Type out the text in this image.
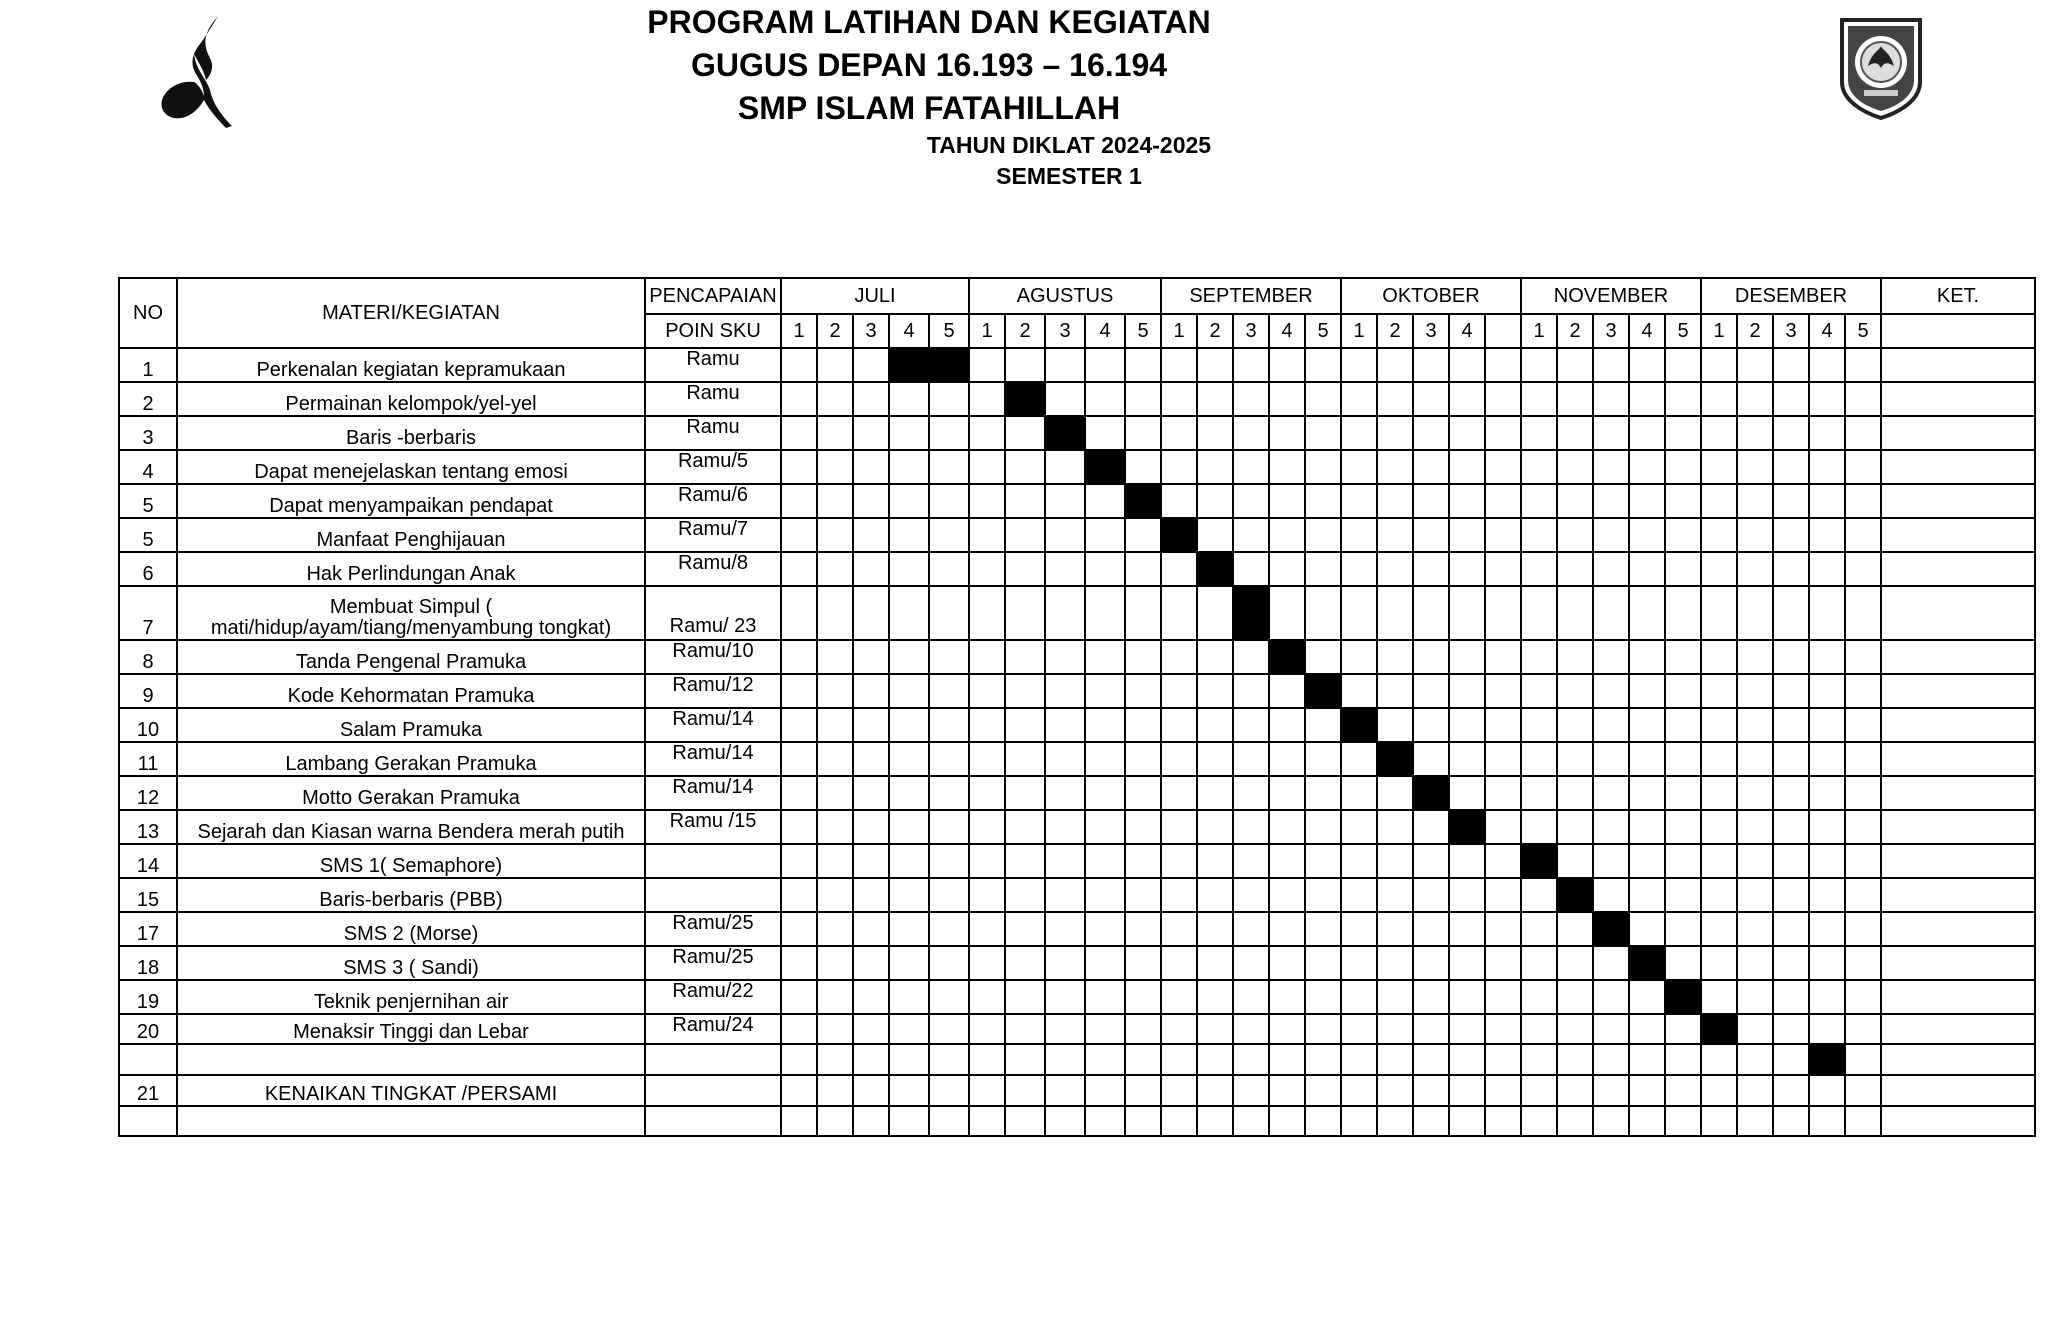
PROGRAM LATIHAN DAN KEGIATAN
GUGUS DEPAN 16.193 – 16.194
SMP ISLAM FATAHILLAH
TAHUN DIKLAT 2024-2025
SEMESTER 1
NO	MATERI/KEGIATAN	PENCAPAIAN	JULI					AGUSTUS					SEPTEMBER					OKTOBER					NOVEMBER					DESEMBER					KET.
		POIN SKU	1	2	3	4	5	1	2	3	4	5	1	2	3	4	5	1	2	3	4		1	2	3	4	5	1	2	3	4	5	
1	Perkenalan kegiatan kepramukaan	Ramu																															
2	Permainan kelompok/yel-yel	Ramu																															
3	Baris -berbaris	Ramu																															
4	Dapat menejelaskan tentang emosi	Ramu/5																															
5	Dapat menyampaikan pendapat	Ramu/6																															
5	Manfaat Penghijauan	Ramu/7																															
6	Hak Perlindungan Anak	Ramu/8																															
7	Membuat Simpul (
mati/hidup/ayam/tiang/menyambung tongkat)	Ramu/ 23																															
8	Tanda Pengenal Pramuka	Ramu/10																															
9	Kode Kehormatan Pramuka	Ramu/12																															
10	Salam Pramuka	Ramu/14																															
11	Lambang Gerakan Pramuka	Ramu/14																															
12	Motto Gerakan Pramuka	Ramu/14																															
13	Sejarah dan Kiasan warna Bendera merah putih	Ramu /15																															
14	SMS 1( Semaphore)																																
15	Baris-berbaris (PBB)																																
17	SMS 2 (Morse)	Ramu/25																															
18	SMS 3 ( Sandi)	Ramu/25																															
19	Teknik penjernihan air	Ramu/22																															
20	Menaksir Tinggi dan Lebar	Ramu/24																															

21	KENAIKAN TINGKAT /PERSAMI																																
